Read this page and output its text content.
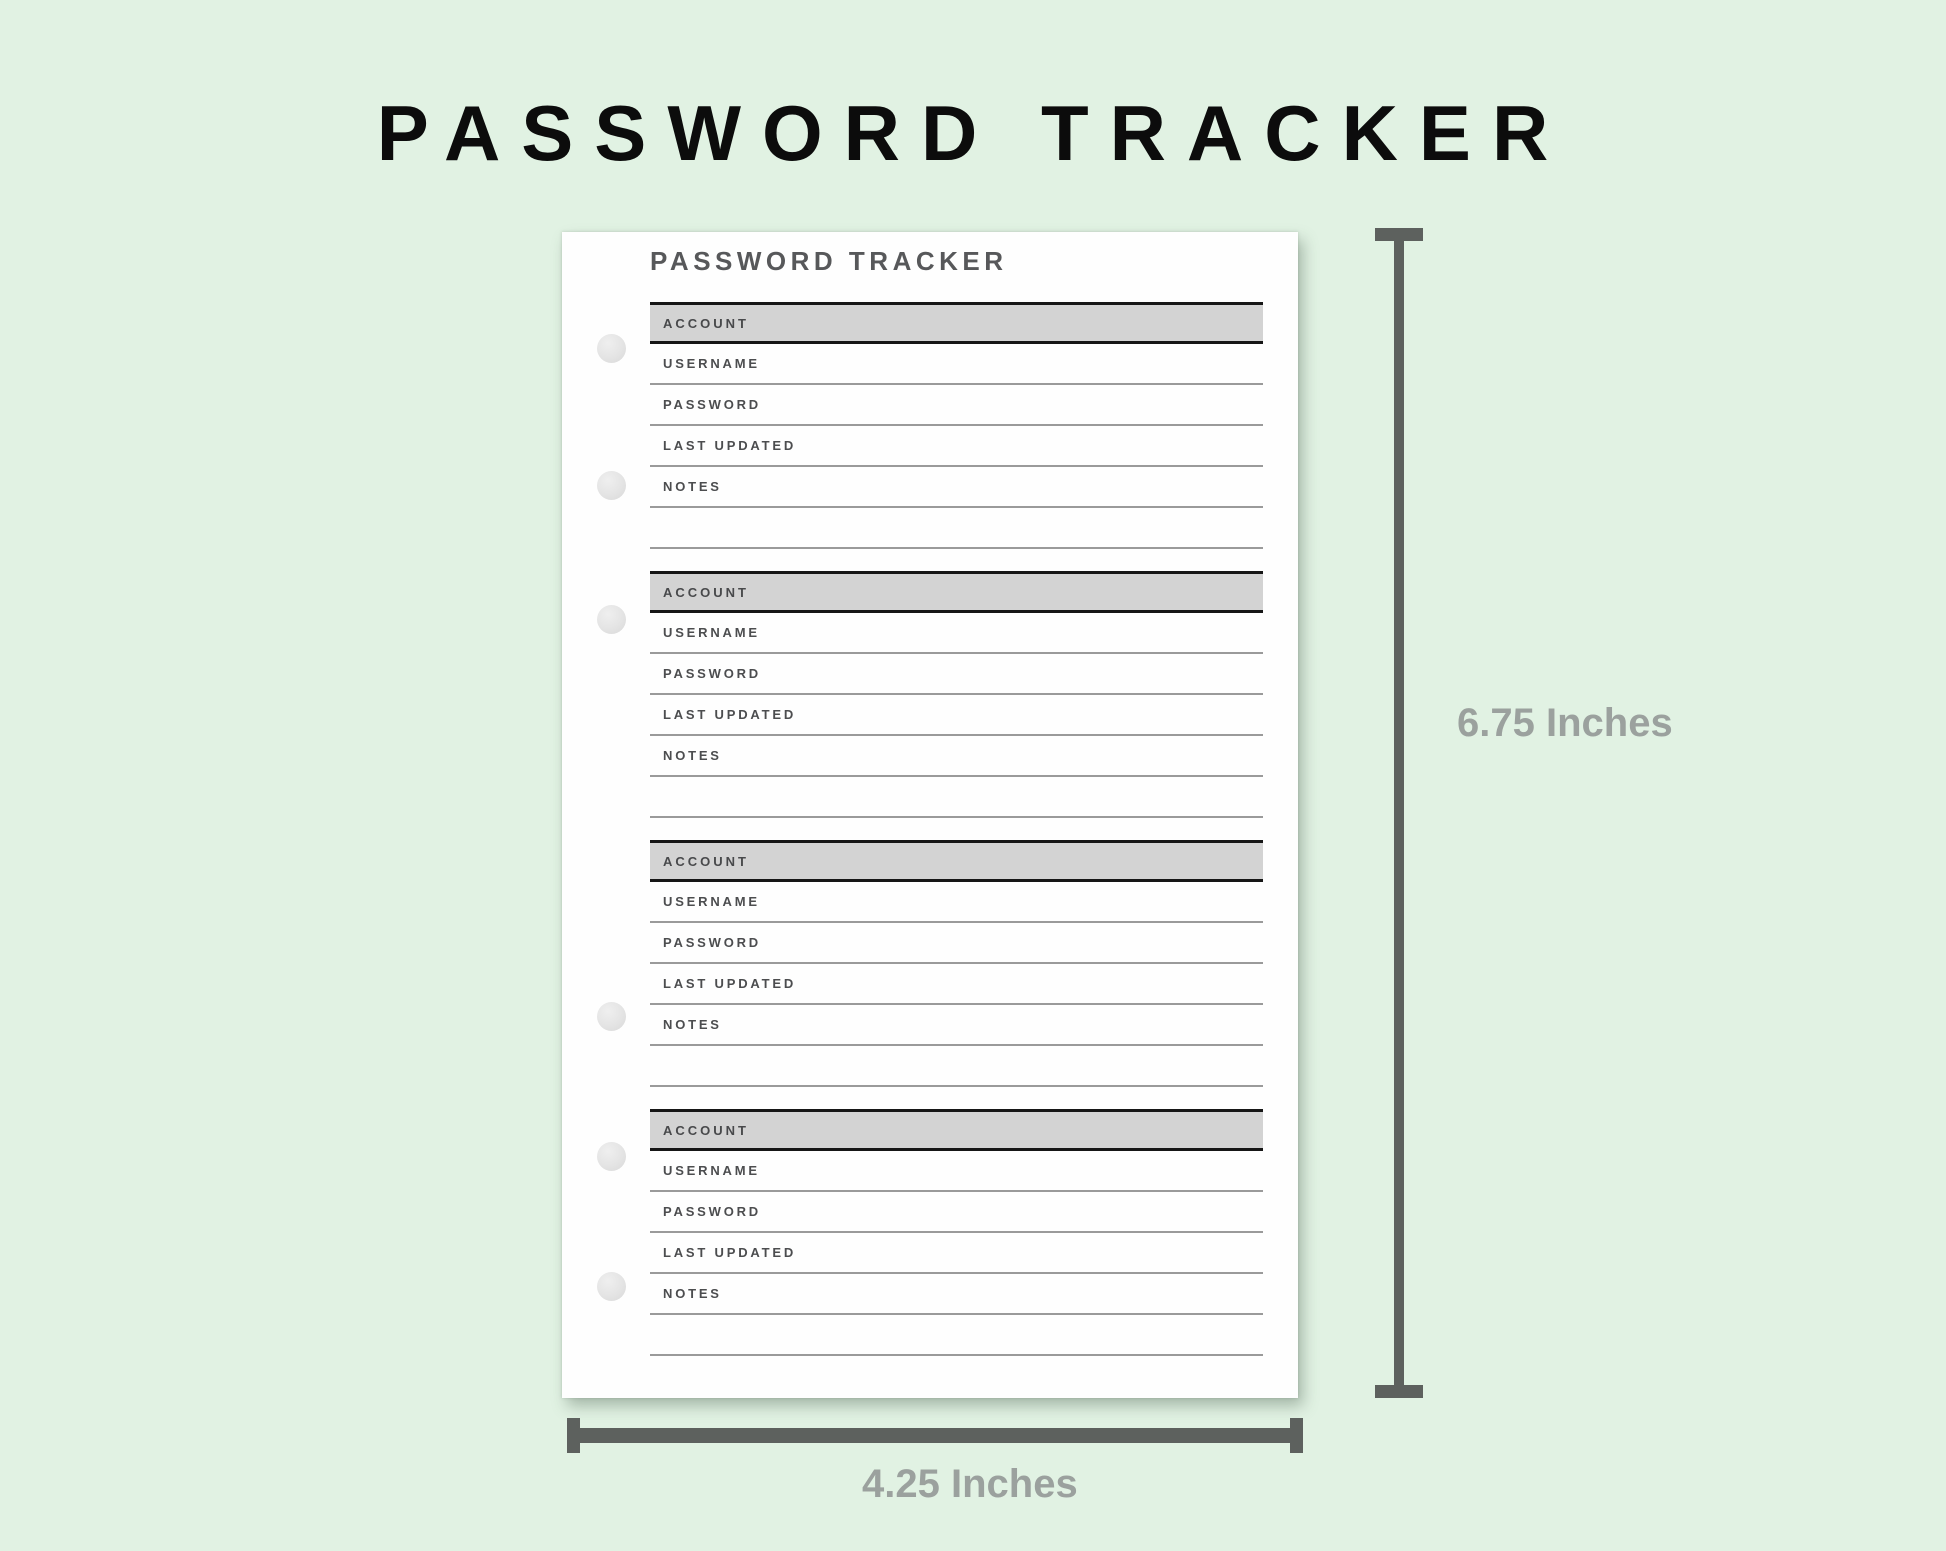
PASSWORD TRACKER
PASSWORD TRACKER
ACCOUNT
USERNAME
PASSWORD
LAST UPDATED
NOTES
ACCOUNT
USERNAME
PASSWORD
LAST UPDATED
NOTES
ACCOUNT
USERNAME
PASSWORD
LAST UPDATED
NOTES
ACCOUNT
USERNAME
PASSWORD
LAST UPDATED
NOTES
6.75 Inches
4.25 Inches
